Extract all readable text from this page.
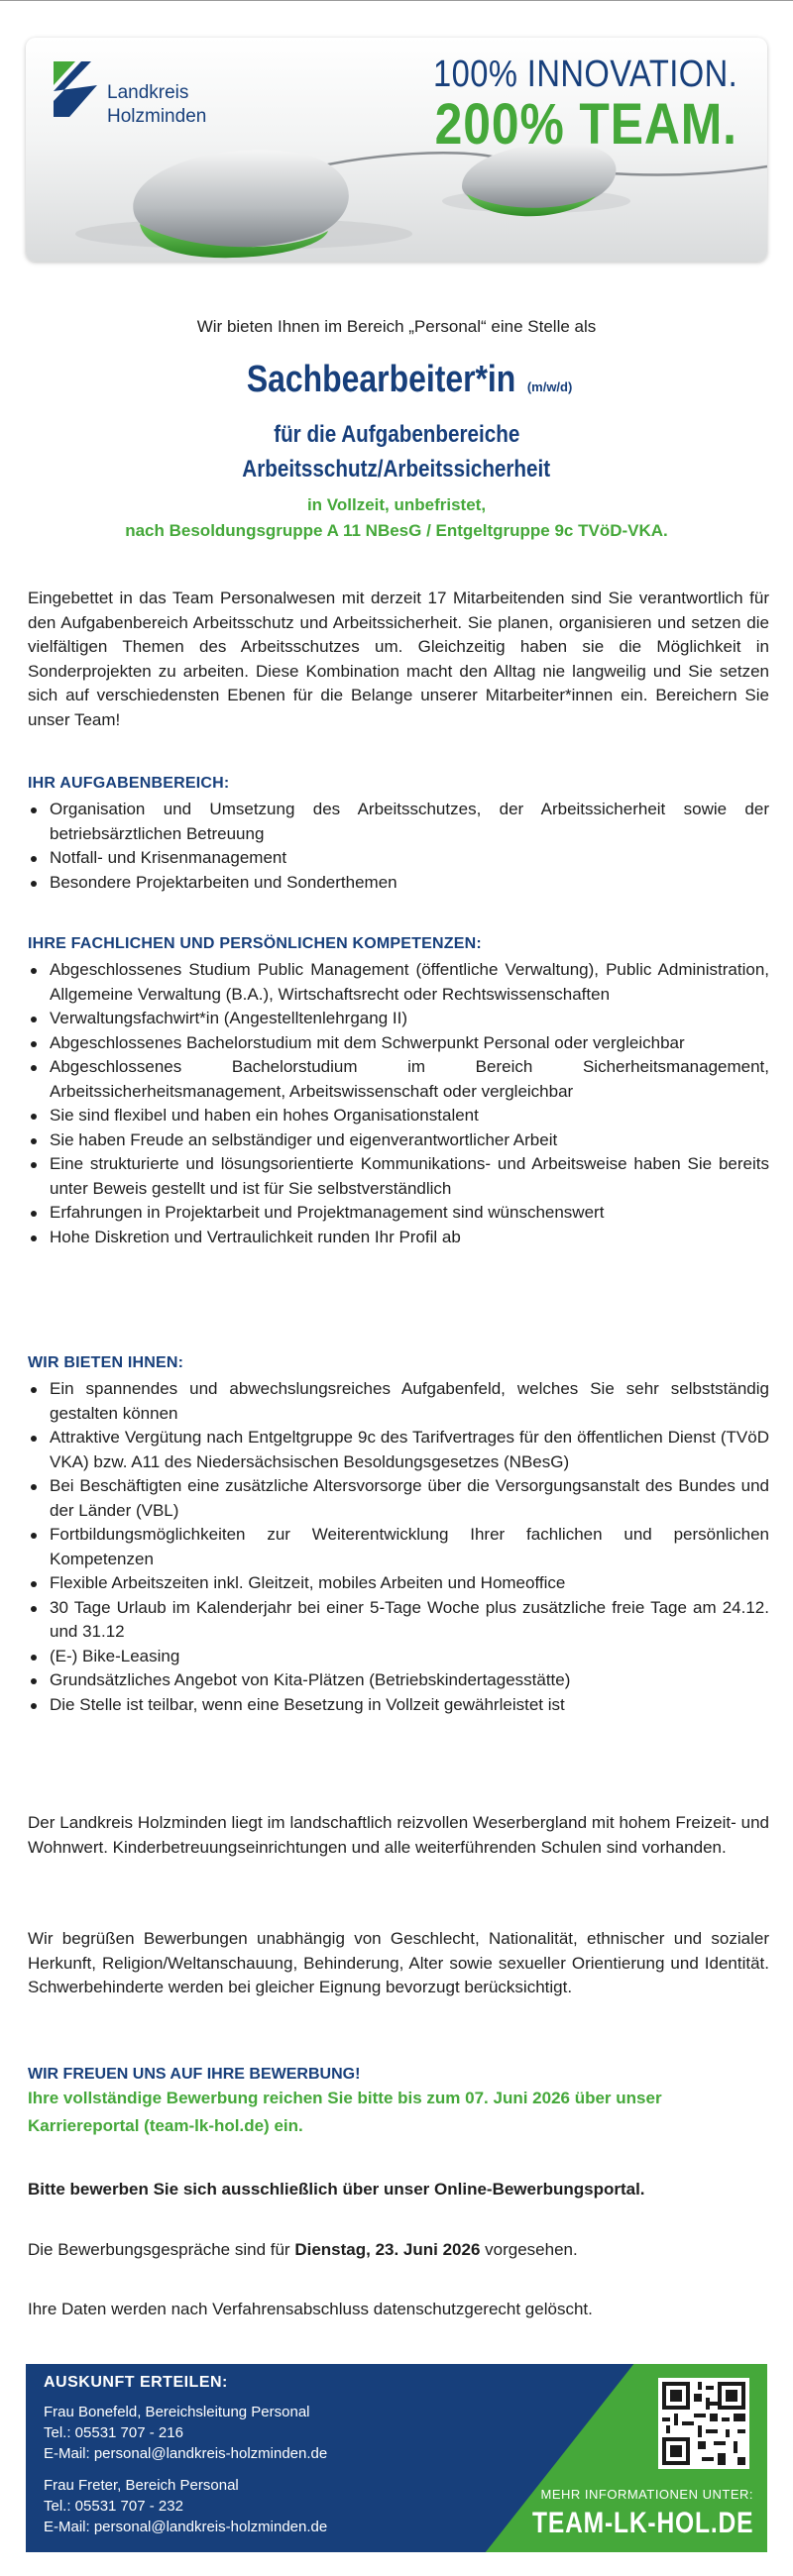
Landkreis
Holzminden
100% INNOVATION.
200% TEAM.
Wir bieten Ihnen im Bereich „Personal“ eine Stelle als
Sachbearbeiter*in (m/w/d)
für die Aufgabenbereiche
Arbeitsschutz/Arbeitssicherheit
in Vollzeit, unbefristet,
nach Besoldungsgruppe A 11 NBesG / Entgeltgruppe 9c TVöD-VKA.

Eingebettet in das Team Personalwesen mit derzeit 17 Mitarbeitenden sind Sie verantwortlich für den Aufgabenbereich Arbeitsschutz und Arbeitssicherheit. Sie planen, organisieren und setzen die vielfältigen Themen des Arbeitsschutzes um. Gleichzeitig haben sie die Möglichkeit in Sonderprojekten zu arbeiten. Diese Kombination macht den Alltag nie langweilig und Sie setzen sich auf verschiedensten Ebenen für die Belange unserer Mitarbeiter*innen ein. Bereichern Sie unser Team!

IHR AUFGABENBEREICH:
Organisation und Umsetzung des Arbeitsschutzes, der Arbeitssicherheit sowie der betriebsärztlichen Betreuung
Notfall- und Krisenmanagement
Besondere Projektarbeiten und Sonderthemen
IHRE FACHLICHEN UND PERSÖNLICHEN KOMPETENZEN:
Abgeschlossenes Studium Public Management (öffentliche Verwaltung), Public Administration, Allgemeine Verwaltung (B.A.), Wirtschaftsrecht oder Rechtswissenschaften
Verwaltungsfachwirt*in (Angestelltenlehrgang II)
Abgeschlossenes Bachelorstudium mit dem Schwerpunkt Personal oder vergleichbar
Abgeschlossenes Bachelorstudium im Bereich Sicherheitsmanagement, Arbeitssicherheitsmanagement, Arbeitswissenschaft oder vergleichbar
Sie sind flexibel und haben ein hohes Organisationstalent
Sie haben Freude an selbständiger und eigenverantwortlicher Arbeit
Eine strukturierte und lösungsorientierte Kommunikations- und Arbeitsweise haben Sie bereits unter Beweis gestellt und ist für Sie selbstverständlich
Erfahrungen in Projektarbeit und Projektmanagement sind wünschenswert
Hohe Diskretion und Vertraulichkeit runden Ihr Profil ab
WIR BIETEN IHNEN:
Ein spannendes und abwechslungsreiches Aufgabenfeld, welches Sie sehr selbstständig gestalten können
Attraktive Vergütung nach Entgeltgruppe 9c des Tarifvertrages für den öffentlichen Dienst (TVöD VKA) bzw. A11 des Niedersächsischen Besoldungsgesetzes (NBesG)
Bei Beschäftigten eine zusätzliche Altersvorsorge über die Versorgungsanstalt des Bundes und der Länder (VBL)
Fortbildungsmöglichkeiten zur Weiterentwicklung Ihrer fachlichen und persönlichen Kompetenzen
Flexible Arbeitszeiten inkl. Gleitzeit, mobiles Arbeiten und Homeoffice
30 Tage Urlaub im Kalenderjahr bei einer 5-Tage Woche plus zusätzliche freie Tage am 24.12. und 31.12
(E-) Bike-Leasing
Grundsätzliches Angebot von Kita-Plätzen (Betriebskindertagesstätte)
Die Stelle ist teilbar, wenn eine Besetzung in Vollzeit gewährleistet ist

Der Landkreis Holzminden liegt im landschaftlich reizvollen Weserbergland mit hohem Freizeit- und Wohnwert. Kinderbetreuungseinrichtungen und alle weiterführenden Schulen sind vorhanden.

Wir begrüßen Bewerbungen unabhängig von Geschlecht, Nationalität, ethnischer und sozialer Herkunft, Religion/Weltanschauung, Behinderung, Alter sowie sexueller Orientierung und Identität. Schwerbehinderte werden bei gleicher Eignung bevorzugt berücksichtigt.

WIR FREUEN UNS AUF IHRE BEWERBUNG!
Ihre vollständige Bewerbung reichen Sie bitte bis zum 07. Juni 2026 über unser Karriereportal (team-lk-hol.de) ein.
Bitte bewerben Sie sich ausschließlich über unser Online-Bewerbungsportal.
Die Bewerbungsgespräche sind für Dienstag, 23. Juni 2026 vorgesehen.
Ihre Daten werden nach Verfahrensabschluss datenschutzgerecht gelöscht.
AUSKUNFT ERTEILEN:
Frau Bonefeld, Bereichsleitung Personal
Tel.: 05531 707 - 216
E-Mail: personal@landkreis-holzminden.de
Frau Freter, Bereich Personal
Tel.: 05531 707 - 232
E-Mail: personal@landkreis-holzminden.de
MEHR INFORMATIONEN UNTER:
TEAM-LK-HOL.DE
